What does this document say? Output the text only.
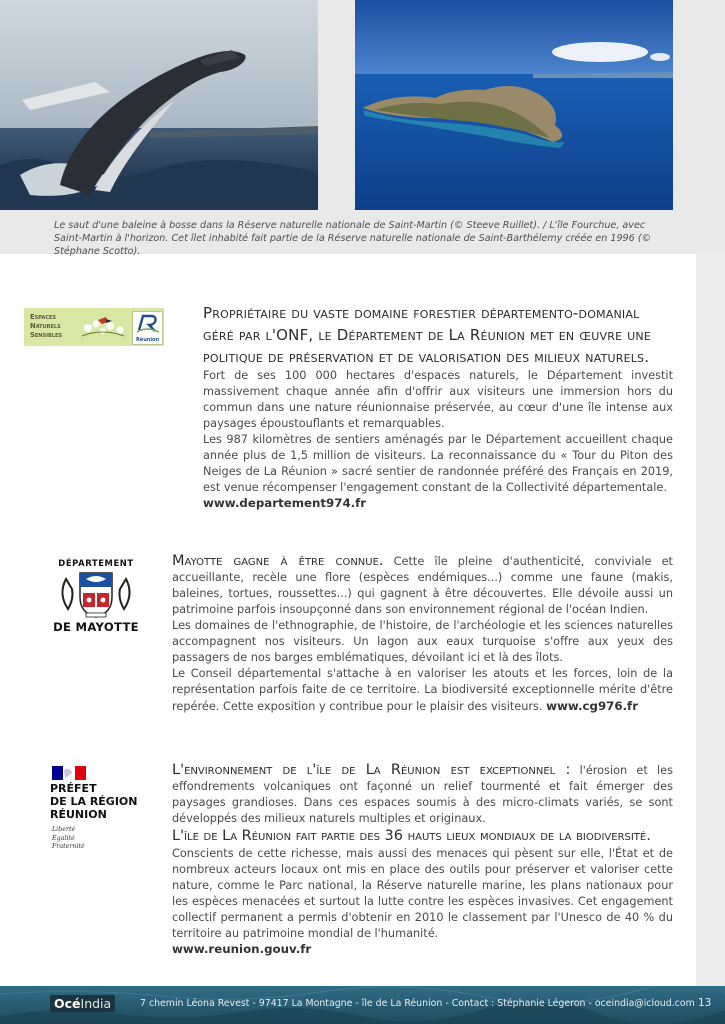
Le saut d'une baleine à bosse dans la Réserve naturelle nationale de Saint-Martin (© Steeve Ruillet). / L'île Fourchue, avec Saint-Martin à l'horizon. Cet îlet inhabité fait partie de la Réserve naturelle nationale de Saint-Barthélemy créée en 1996 (© Stéphane Scotto).
Espaces
Naturels
Sensibles
Réunion
Propriétaire du vaste domaine forestier départemento-domanial géré par l'ONF, le Département de La Réunion met en œuvre une politique de préservation et de valorisation des milieux naturels.
Fort de ses 100 000 hectares d'espaces naturels, le Département investit massivement chaque année afin d'offrir aux visiteurs une immersion hors du commun dans une nature réunionnaise préservée, au cœur d'une île intense aux paysages époustouflants et remarquables.
Les 987 kilomètres de sentiers aménagés par le Département accueillent chaque année plus de 1,5 million de visiteurs. La reconnaissance du « Tour du Piton des Neiges de La Réunion » sacré sentier de randonnée préféré des Français en 2019, est venue récompenser l'engagement constant de la Collectivité départementale.
www.departement974.fr
DÉPARTEMENT
DE MAYOTTE
Mayotte gagne à être connue. Cette île pleine d'authenticité, conviviale et accueillante, recèle une flore (espèces endémiques...) comme une faune (makis, baleines, tortues, roussettes...) qui gagnent à être découvertes. Elle dévoile aussi un patrimoine parfois insoupçonné dans son environnement régional de l'océan Indien.
Les domaines de l'ethnographie, de l'histoire, de l'archéologie et les sciences naturelles accompagnent nos visiteurs. Un lagon aux eaux turquoise s'offre aux yeux des passagers de nos barges emblématiques, dévoilant ici et là des îlots.
Le Conseil départemental s'attache à en valoriser les atouts et les forces, loin de la représentation parfois faite de ce territoire. La biodiversité exceptionnelle mérite d'être repérée. Cette exposition y contribue pour le plaisir des visiteurs. www.cg976.fr
PRÉFET
DE LA RÉGION
RÉUNION
Liberté
Égalité
Fraternité
L'environnement de l'île de La Réunion est exceptionnel : l'érosion et les effondrements volcaniques ont façonné un relief tourmenté et fait émerger des paysages grandioses. Dans ces espaces soumis à des micro-climats variés, se sont développés des milieux naturels multiples et originaux.
L'île de La Réunion fait partie des 36 hauts lieux mondiaux de la biodiversité.
Conscients de cette richesse, mais aussi des menaces qui pèsent sur elle, l'État et de nombreux acteurs locaux ont mis en place des outils pour préserver et valoriser cette nature, comme le Parc national, la Réserve naturelle marine, les plans nationaux pour les espèces menacées et surtout la lutte contre les espèces invasives. Cet engagement collectif permanent a permis d'obtenir en 2010 le classement par l'Unesco de 40 % du territoire au patrimoine mondial de l'humanité.
www.reunion.gouv.fr
OcéIndia	7 chemin Léona Revest - 97417 La Montagne - île de La Réunion - Contact : Stéphanie Légeron - oceindia@icloud.com 13
